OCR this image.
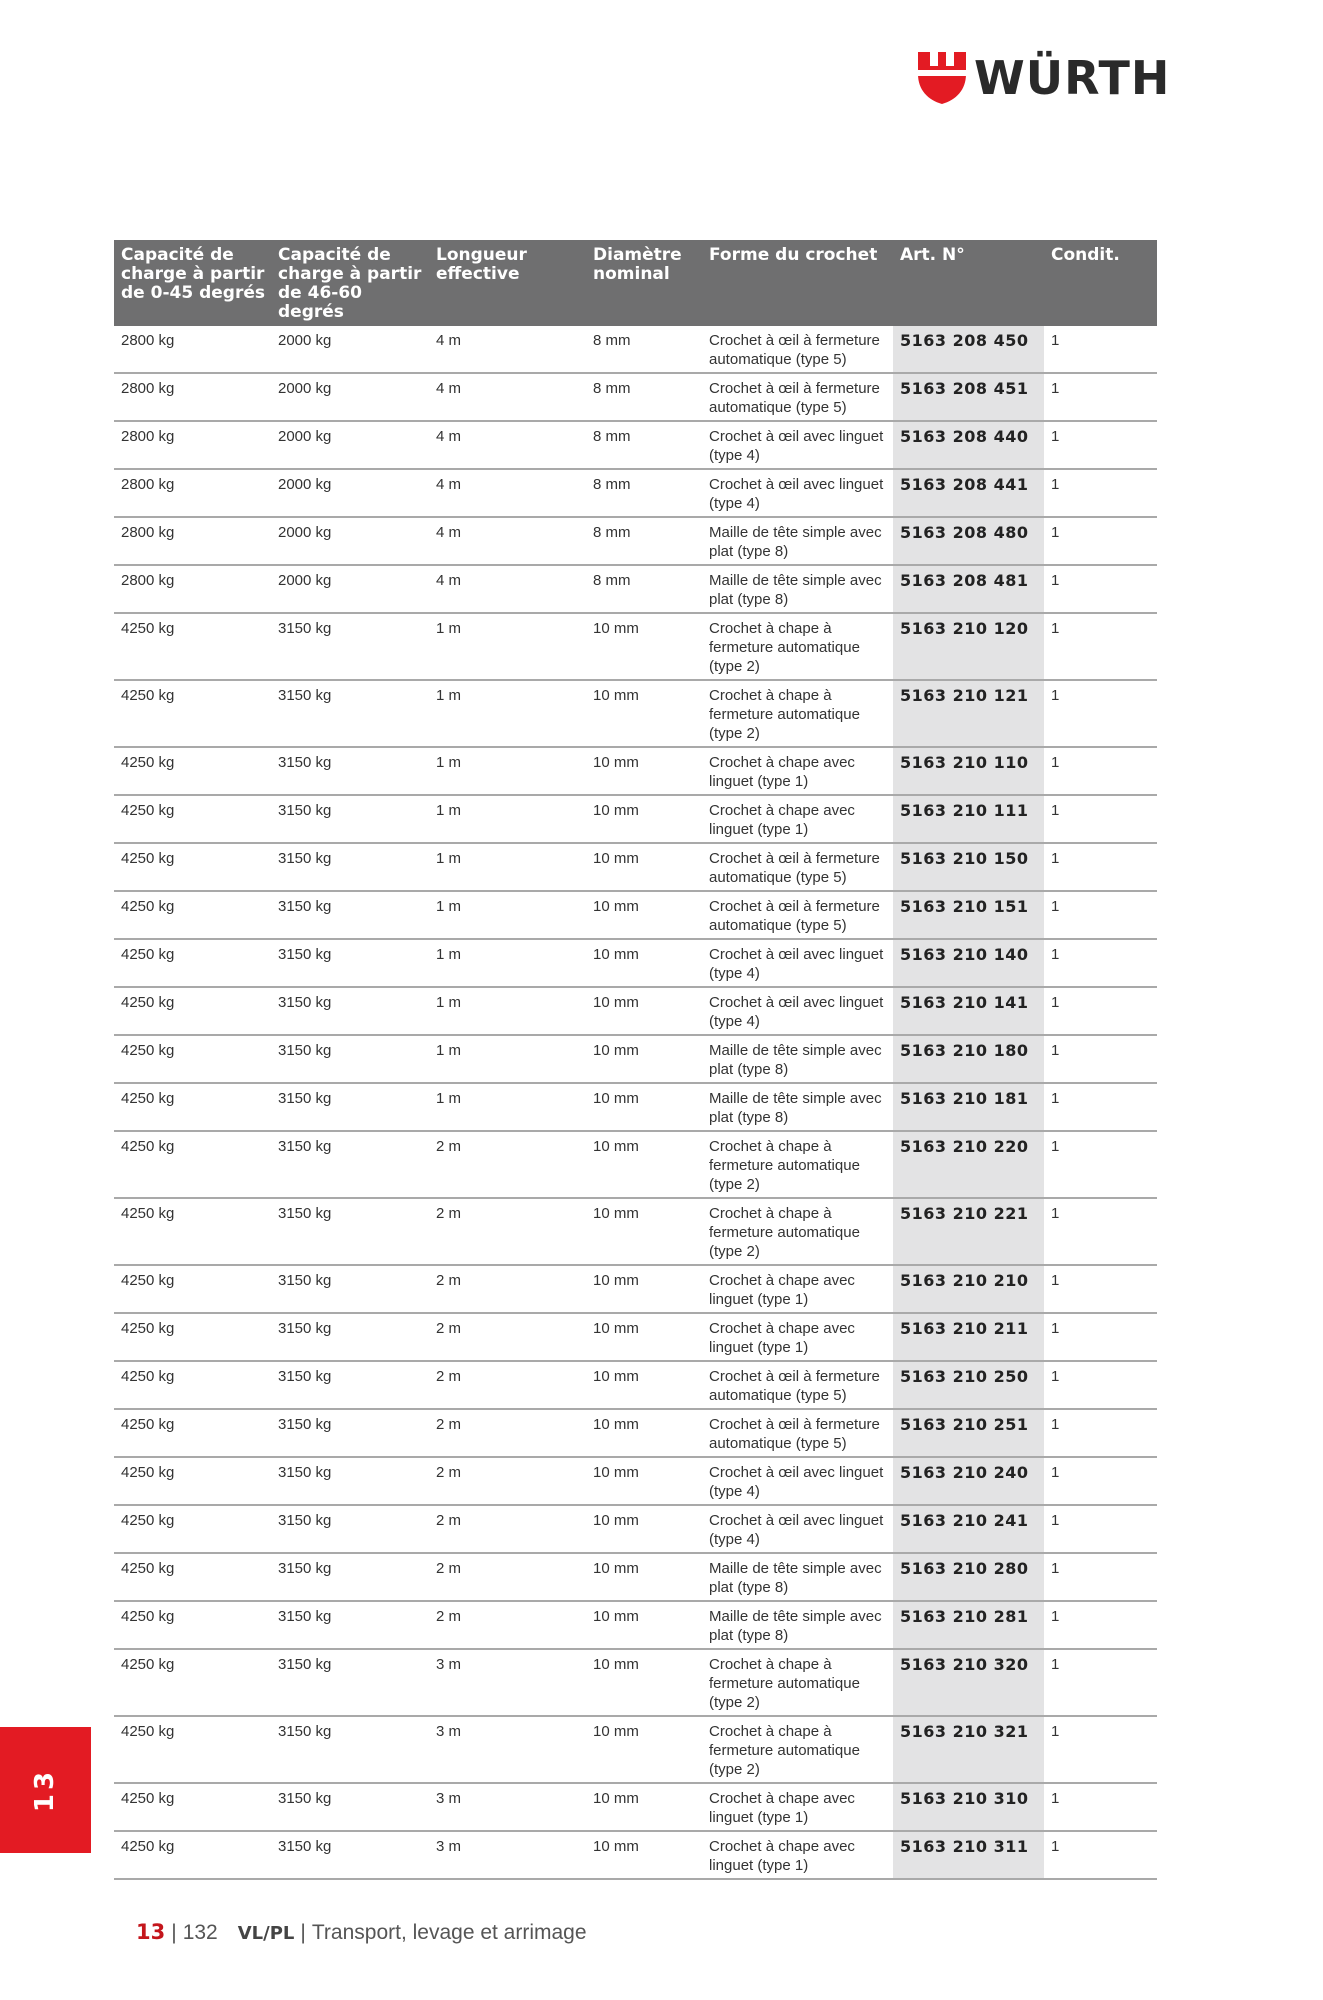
WÜRTH
Capacité de charge à partir de 0-45 degrés	Capacité de charge à partir de 46-60 degrés	Longueur effective	Diamètre nominal	Forme du crochet	Art. N°	Condit.
2800 kg	2000 kg	4 m	8 mm	Crochet à œil à fermeture
automatique (type 5)	5163 208 450	1
2800 kg	2000 kg	4 m	8 mm	Crochet à œil à fermeture
automatique (type 5)	5163 208 451	1
2800 kg	2000 kg	4 m	8 mm	Crochet à œil avec linguet
(type 4)	5163 208 440	1
2800 kg	2000 kg	4 m	8 mm	Crochet à œil avec linguet
(type 4)	5163 208 441	1
2800 kg	2000 kg	4 m	8 mm	Maille de tête simple avec
plat (type 8)	5163 208 480	1
2800 kg	2000 kg	4 m	8 mm	Maille de tête simple avec
plat (type 8)	5163 208 481	1
4250 kg	3150 kg	1 m	10 mm	Crochet à chape à
fermeture automatique
(type 2)	5163 210 120	1
4250 kg	3150 kg	1 m	10 mm	Crochet à chape à
fermeture automatique
(type 2)	5163 210 121	1
4250 kg	3150 kg	1 m	10 mm	Crochet à chape avec
linguet (type 1)	5163 210 110	1
4250 kg	3150 kg	1 m	10 mm	Crochet à chape avec
linguet (type 1)	5163 210 111	1
4250 kg	3150 kg	1 m	10 mm	Crochet à œil à fermeture
automatique (type 5)	5163 210 150	1
4250 kg	3150 kg	1 m	10 mm	Crochet à œil à fermeture
automatique (type 5)	5163 210 151	1
4250 kg	3150 kg	1 m	10 mm	Crochet à œil avec linguet
(type 4)	5163 210 140	1
4250 kg	3150 kg	1 m	10 mm	Crochet à œil avec linguet
(type 4)	5163 210 141	1
4250 kg	3150 kg	1 m	10 mm	Maille de tête simple avec
plat (type 8)	5163 210 180	1
4250 kg	3150 kg	1 m	10 mm	Maille de tête simple avec
plat (type 8)	5163 210 181	1
4250 kg	3150 kg	2 m	10 mm	Crochet à chape à
fermeture automatique
(type 2)	5163 210 220	1
4250 kg	3150 kg	2 m	10 mm	Crochet à chape à
fermeture automatique
(type 2)	5163 210 221	1
4250 kg	3150 kg	2 m	10 mm	Crochet à chape avec
linguet (type 1)	5163 210 210	1
4250 kg	3150 kg	2 m	10 mm	Crochet à chape avec
linguet (type 1)	5163 210 211	1
4250 kg	3150 kg	2 m	10 mm	Crochet à œil à fermeture
automatique (type 5)	5163 210 250	1
4250 kg	3150 kg	2 m	10 mm	Crochet à œil à fermeture
automatique (type 5)	5163 210 251	1
4250 kg	3150 kg	2 m	10 mm	Crochet à œil avec linguet
(type 4)	5163 210 240	1
4250 kg	3150 kg	2 m	10 mm	Crochet à œil avec linguet
(type 4)	5163 210 241	1
4250 kg	3150 kg	2 m	10 mm	Maille de tête simple avec
plat (type 8)	5163 210 280	1
4250 kg	3150 kg	2 m	10 mm	Maille de tête simple avec
plat (type 8)	5163 210 281	1
4250 kg	3150 kg	3 m	10 mm	Crochet à chape à
fermeture automatique
(type 2)	5163 210 320	1
4250 kg	3150 kg	3 m	10 mm	Crochet à chape à
fermeture automatique
(type 2)	5163 210 321	1
4250 kg	3150 kg	3 m	10 mm	Crochet à chape avec
linguet (type 1)	5163 210 310	1
4250 kg	3150 kg	3 m	10 mm	Crochet à chape avec
linguet (type 1)	5163 210 311	1
13
13 | 132 VL/PL | Transport, levage et arrimage
